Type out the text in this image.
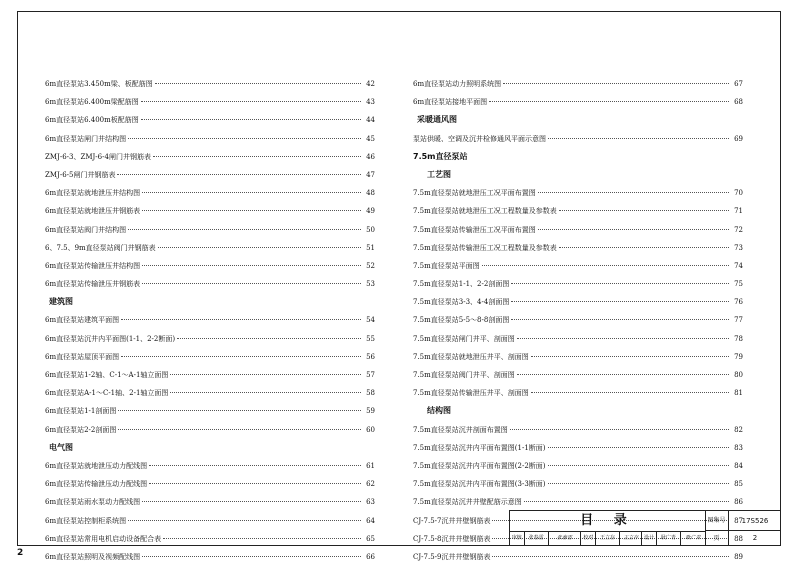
6m直径泵站3.450m梁、板配筋图	42
6m直径泵站6.400m梁配筋图	43
6m直径泵站6.400m板配筋图	44
6m直径泵站闸门井结构图	45
ZMJ-6-3、ZMJ-6-4闸门井钢筋表	46
ZMJ-6-5闸门井钢筋表	47
6m直径泵站就地泄压井结构图	48
6m直径泵站就地泄压井钢筋表	49
6m直径泵站阀门井结构图	50
6、7.5、9m直径泵站阀门井钢筋表	51
6m直径泵站传输泄压井结构图	52
6m直径泵站传输泄压井钢筋表	53
建筑图
6m直径泵站建筑平面图	54
6m直径泵站沉井内平面图(1-1、2-2断面)	55
6m直径泵站屋顶平面图	56
6m直径泵站1-2轴、C-1～A-1轴立面图	57
6m直径泵站A-1～C-1轴、2-1轴立面图	58
6m直径泵站1-1剖面图	59
6m直径泵站2-2剖面图	60
电气图
6m直径泵站就地泄压动力配线图	61
6m直径泵站传输泄压动力配线图	62
6m直径泵站雨水泵动力配线图	63
6m直径泵站控制柜系统图	64
6m直径泵站常用电机启动设备配合表	65
6m直径泵站照明及视频配线图	66
6m直径泵站动力照明系统图	67
6m直径泵站接地平面图	68
采暖通风图
泵站供暖、空调及沉井检修通风平面示意图	69
7.5m直径泵站
工艺图
7.5m直径泵站就地泄压工况平面布置图	70
7.5m直径泵站就地泄压工况工程数量及参数表	71
7.5m直径泵站传输泄压工况平面布置图	72
7.5m直径泵站传输泄压工况工程数量及参数表	73
7.5m直径泵站平面图	74
7.5m直径泵站1-1、2-2剖面图	75
7.5m直径泵站3-3、4-4剖面图	76
7.5m直径泵站5-5～8-8剖面图	77
7.5m直径泵站闸门井平、剖面图	78
7.5m直径泵站就地泄压井平、剖面图	79
7.5m直径泵站阀门井平、剖面图	80
7.5m直径泵站传输泄压井平、剖面图	81
结构图
7.5m直径泵站沉井剖面布置图	82
7.5m直径泵站沉井内平面布置图(1-1断面)	83
7.5m直径泵站沉井内平面布置图(2-2断面)	84
7.5m直径泵站沉井内平面布置图(3-3断面)	85
7.5m直径泵站沉井井壁配筋示意图	86
CJ-7.5-7沉井井壁钢筋表	87
CJ-7.5-8沉井井壁钢筋表	88
CJ-7.5-9沉井井壁钢筋表	89
目 录	图集号	17S526
审核	张春雷	张春雷	校对	王立存	王立存	设计	耿广青	耿广青	页	2
2
